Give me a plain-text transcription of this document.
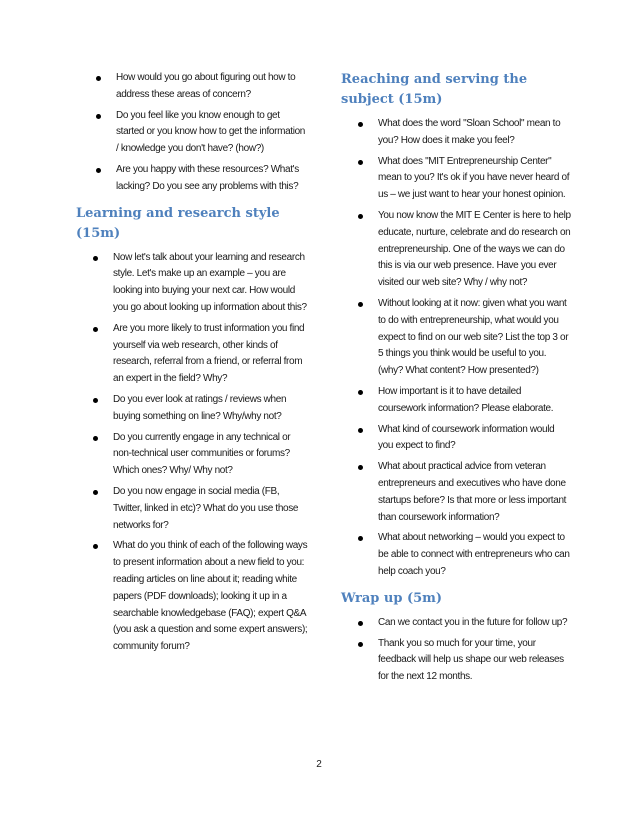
How would you go about figuring out how to address these areas of concern?
Do you feel like you know enough to get started or you know how to get the information / knowledge you don't have? (how?)
Are you happy with these resources? What's lacking? Do you see any problems with this?
Learning and research style (15m)
Now let's talk about your learning and research style. Let's make up an example – you are looking into buying your next car. How would you go about looking up information about this?
Are you more likely to trust information you find yourself via web research, other kinds of research, referral from a friend, or referral from an expert in the field? Why?
Do you ever look at ratings / reviews when buying something on line? Why/why not?
Do you currently engage in any technical or non-technical user communities or forums? Which ones? Why/ Why not?
Do you now engage in social media (FB, Twitter, linked in etc)? What do you use those networks for?
What do you think of each of the following ways to present information about a new field to you: reading articles on line about it; reading white papers (PDF downloads); looking it up in a searchable knowledgebase (FAQ); expert Q&A (you ask a question and some expert answers); community forum?
Reaching and serving the subject (15m)
What does the word "Sloan School" mean to you? How does it make you feel?
What does "MIT Entrepreneurship Center" mean to you? It's ok if you have never heard of us – we just want to hear your honest opinion.
You now know the MIT E Center is here to help educate, nurture, celebrate and do research on entrepreneurship. One of the ways we can do this is via our web presence. Have you ever visited our web site? Why / why not?
Without looking at it now: given what you want to do with entrepreneurship, what would you expect to find on our web site? List the top 3 or 5 things you think would be useful to you. (why? What content? How presented?)
How important is it to have detailed coursework information? Please elaborate.
What kind of coursework information would you expect to find?
What about practical advice from veteran entrepreneurs and executives who have done startups before? Is that more or less important than coursework information?
What about networking – would you expect to be able to connect with entrepreneurs who can help coach you?
Wrap up (5m)
Can we contact you in the future for follow up?
Thank you so much for your time, your feedback will help us shape our web releases for the next 12 months.
2
